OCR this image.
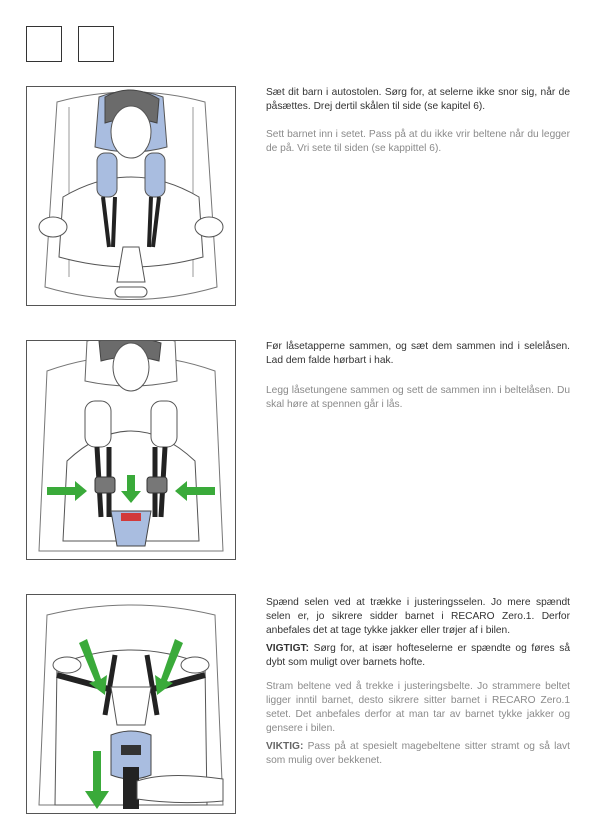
Sæt dit barn i autostolen. Sørg for, at selerne ikke snor sig, når de påsættes. Drej dertil skålen til side (se kapitel 6).

Sett barnet inn i setet. Pass på at du ikke vrir beltene når du legger de på. Vri sete til siden (se kappittel 6).

Før låsetapperne sammen, og sæt dem sammen ind i selelåsen. Lad dem falde hørbart i hak.

Legg låsetungene sammen og sett de sammen inn i beltelåsen. Du skal høre at spennen går i lås.

Spænd selen ved at trække i justeringsselen. Jo mere spændt selen er, jo sikrere sidder barnet i RECARO Zero.1. Derfor anbefales det at tage tykke jakker eller trøjer af i bilen.

VIGTIGT: Sørg for, at især hofteselerne er spændte og føres så dybt som muligt over barnets hofte.

Stram beltene ved å trekke i justeringsbelte. Jo strammere beltet ligger inntil barnet, desto sikrere sitter barnet i RECARO Zero.1 setet. Det anbefales derfor at man tar av barnet tykke jakker og gensere i bilen.

VIKTIG: Pass på at spesielt magebeltene sitter stramt og så lavt som mulig over bekkenet.
